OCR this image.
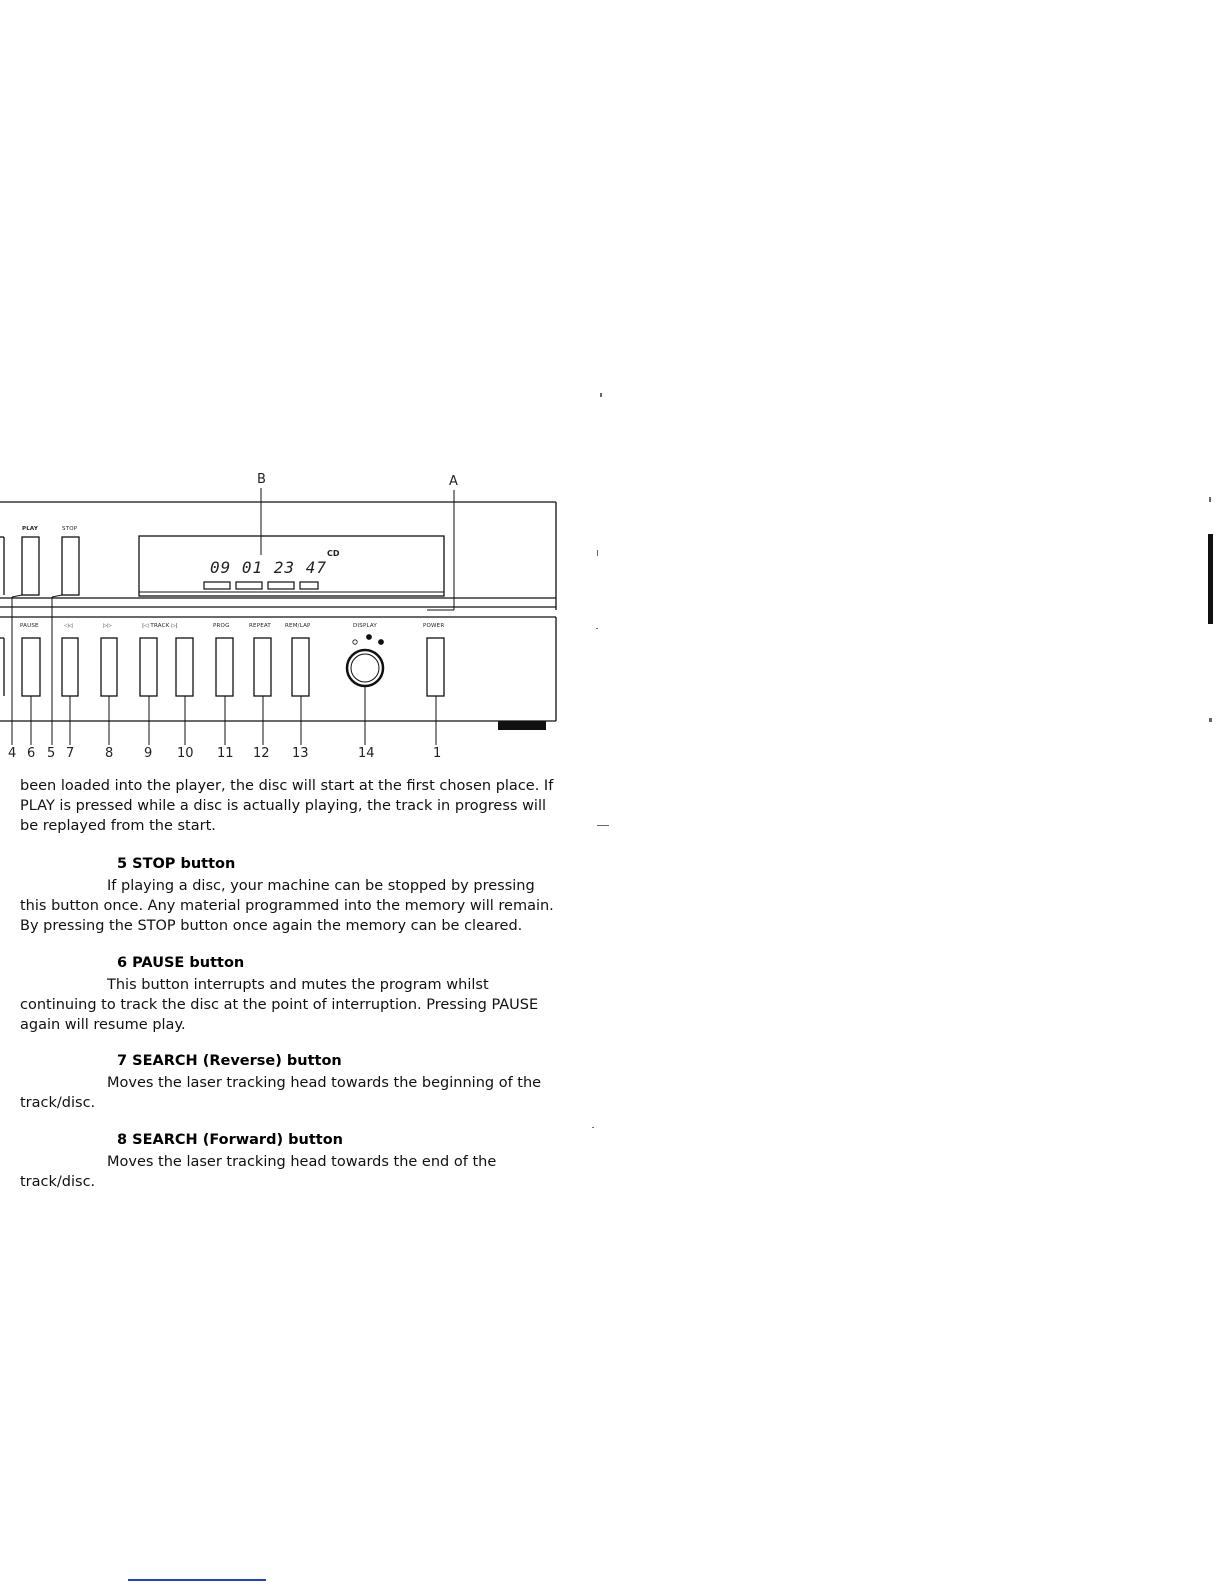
B	A
09 01 23 47
CD
PLAY	STOP
PAUSE	◁◁	▷▷	|◁ TRACK ▷|	PROG	REPEAT	REM/LAP	DISPLAY	POWER
4 6 5 7 8 9 10 11 12 13	14	1

been loaded into the player, the disc will start at the first chosen place. If PLAY is pressed while a disc is actually playing, the track in progress will be replayed from the start.

5 STOP button
If playing a disc, your machine can be stopped by pressing
this button once. Any material programmed into the memory will remain. By pressing the STOP button once again the memory can be cleared.
6 PAUSE button
This button interrupts and mutes the program whilst
continuing to track the disc at the point of interruption. Pressing PAUSE again will resume play.
7 SEARCH (Reverse) button
Moves the laser tracking head towards the beginning of the
track/disc.
8 SEARCH (Forward) button
Moves the laser tracking head towards the end of the
track/disc.
